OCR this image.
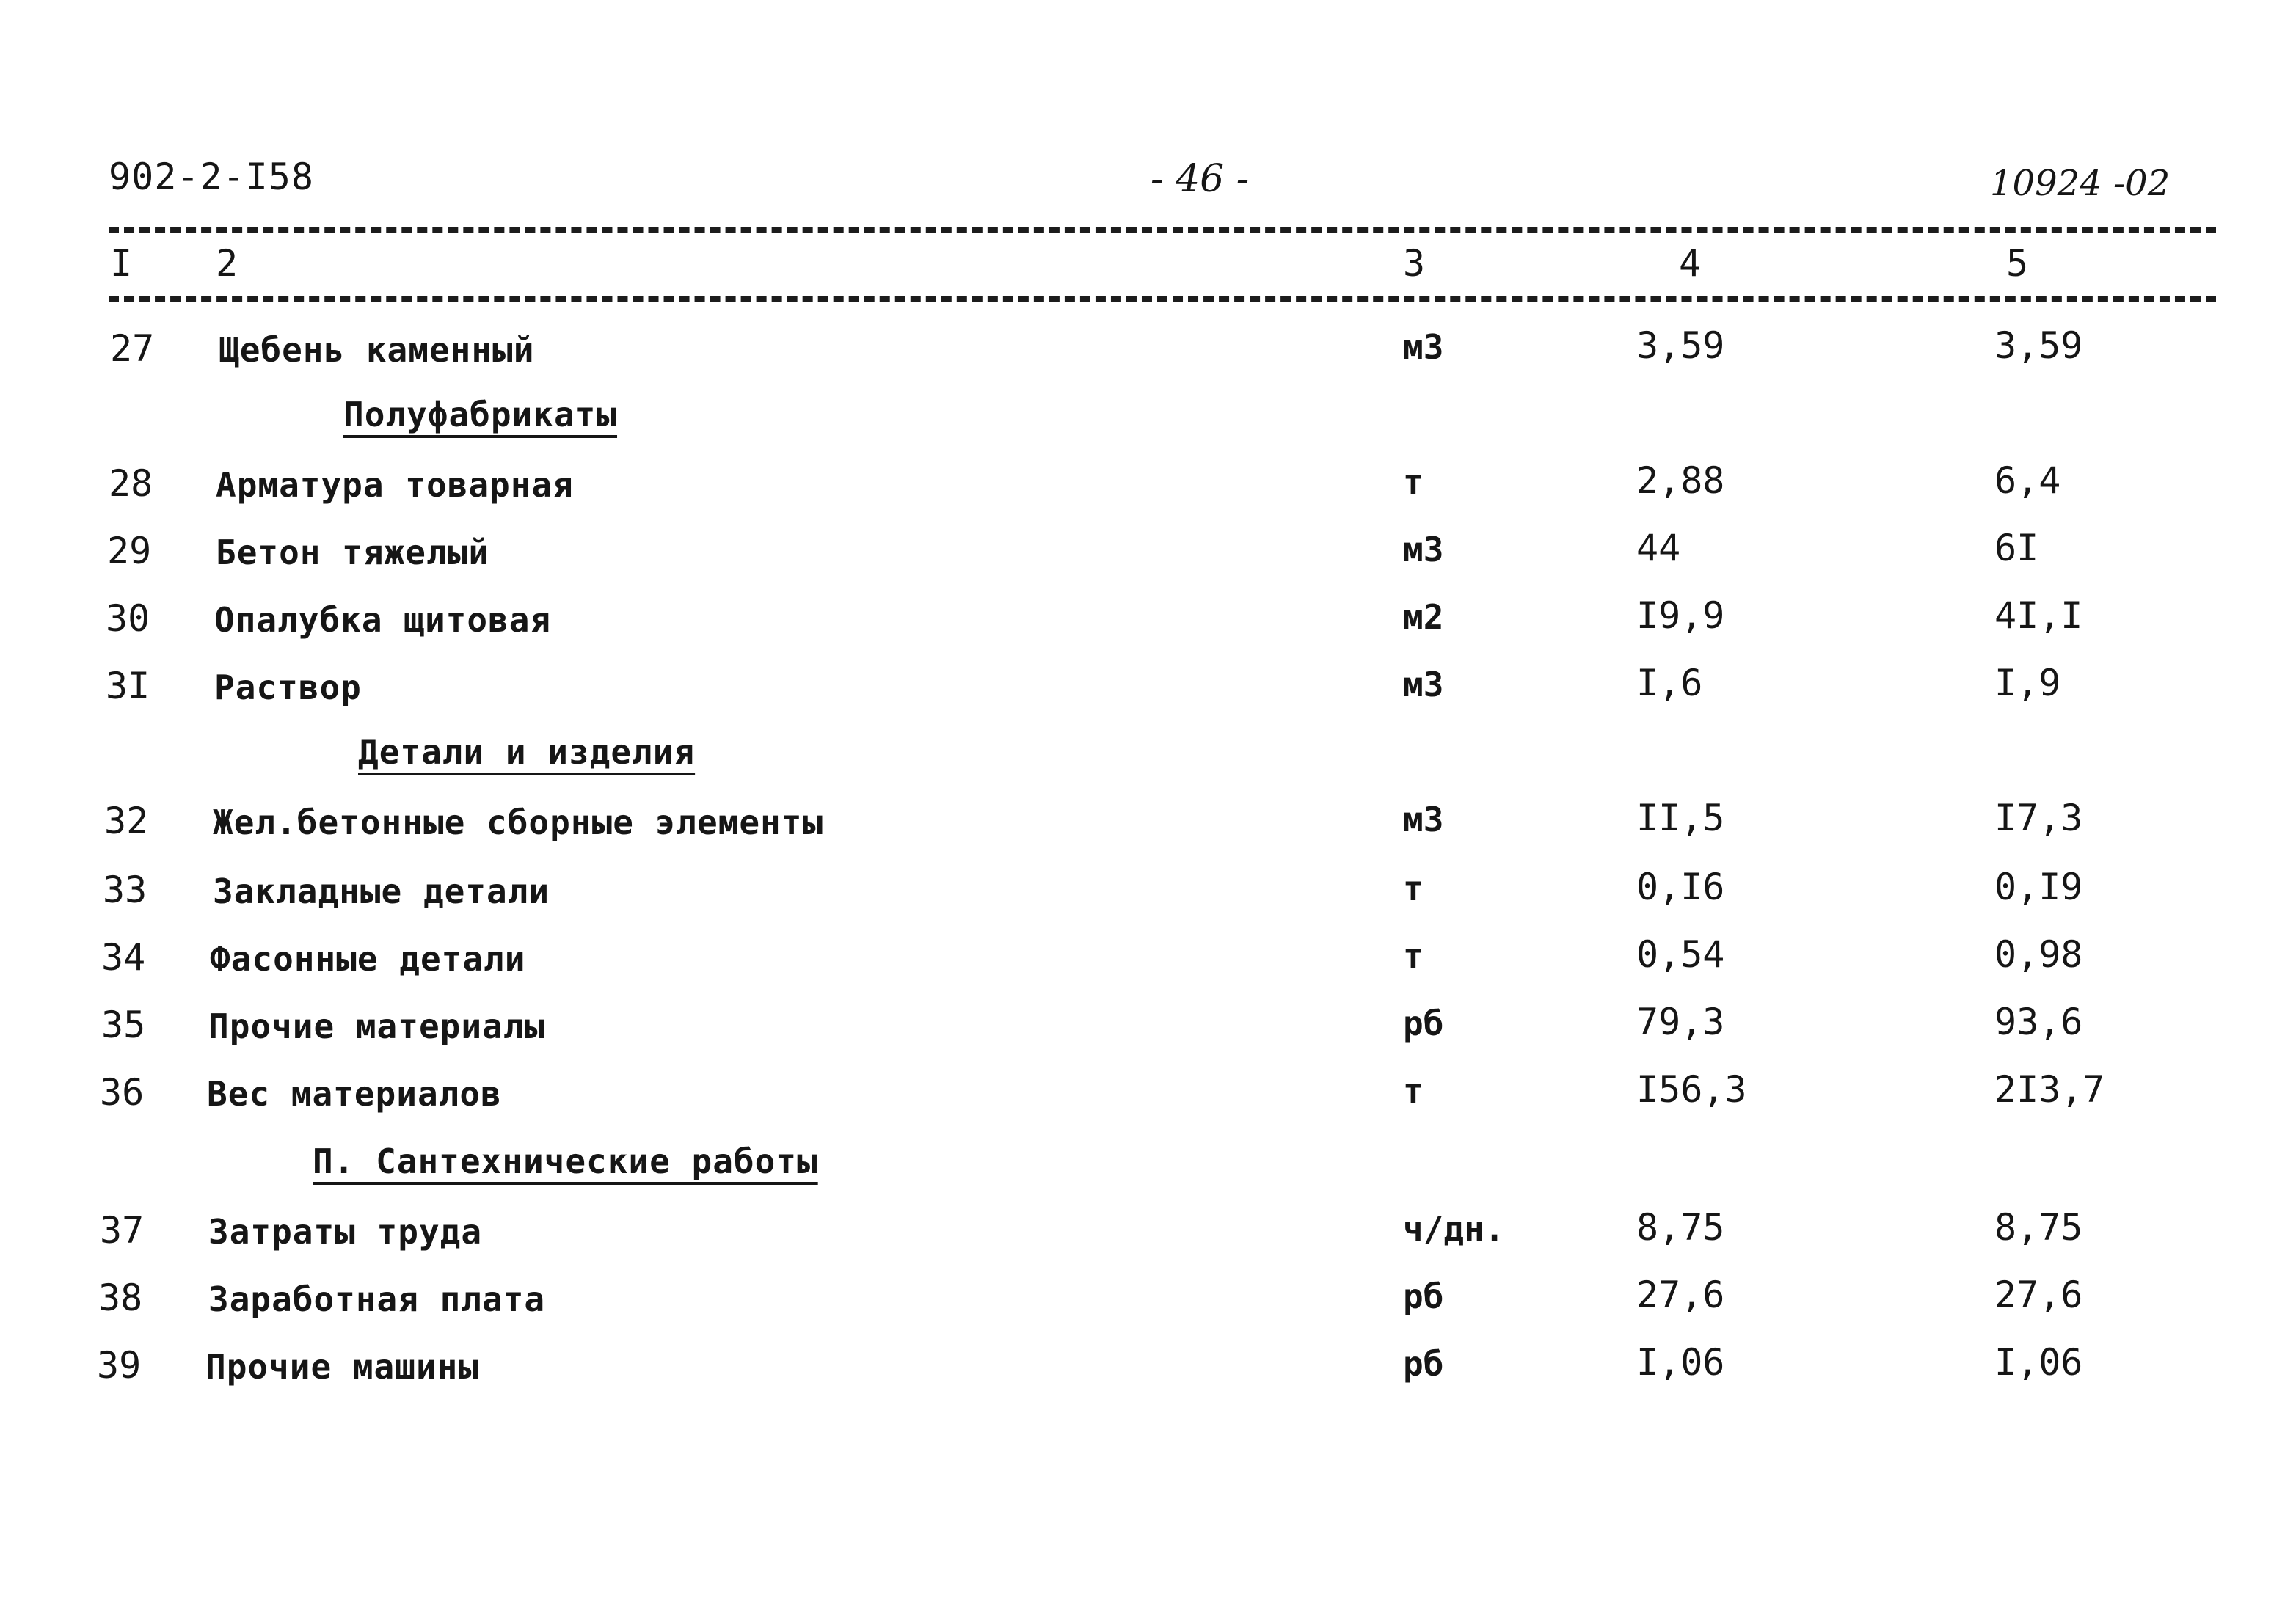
902-2-I58	- 46 -	10924 -02
I 2	3	4	5
27	Щебень каменный	м3	3,59	3,59
Полуфабрикаты
28	Арматура товарная	т	2,88	6,4
29	Бетон тяжелый	м3	44	6I
30	Опалубка щитовая	м2	I9,9	4I,I
3I	Раствор	м3	I,6	I,9
Детали и изделия
32	Жел.бетонные сборные элементы	м3	II,5	I7,3
33	Закладные детали	т	0,I6	0,I9
34	Фасонные детали	т	0,54	0,98
35	Прочие материалы	рб	79,3	93,6
36	Вес материалов	т	I56,3	2I3,7
П. Сантехнические работы
37	Затраты труда	ч/дн.	8,75	8,75
38	Заработная плата	рб	27,6	27,6
39	Прочие машины	рб	I,06	I,06
